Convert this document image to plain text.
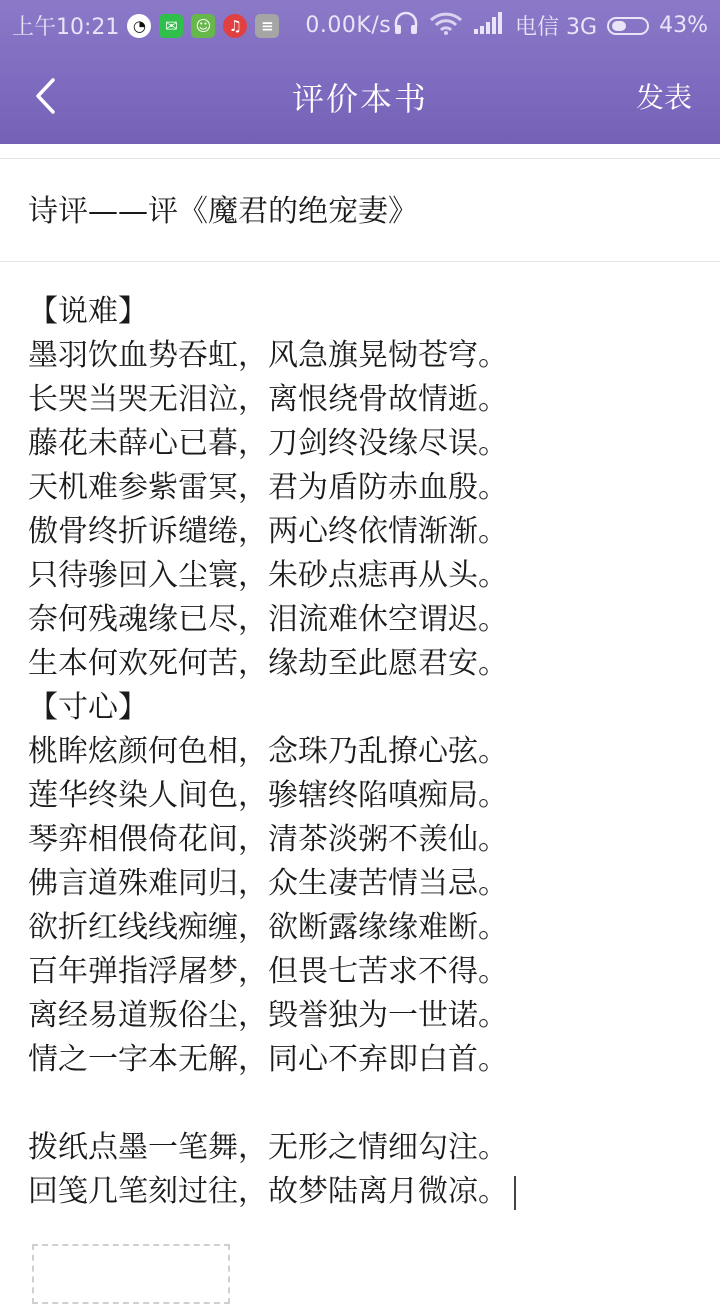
上午10:21 ◔	✉	☺	♫	≡ 0.00K/s	电信 3G	43%
评价本书	发表
诗评——评《魔君的绝宠妻》
【说难】
墨羽饮血势吞虹，风急旗晃恸苍穹。
长哭当哭无泪泣，离恨绕骨故情逝。
藤花未薛心已暮，刀剑终没缘尽误。
天机难参紫雷冥，君为盾防赤血殷。
傲骨终折诉缱绻，两心终依情渐渐。
只待骖回入尘寰，朱砂点痣再从头。
奈何残魂缘已尽，泪流难休空谓迟。
生本何欢死何苦，缘劫至此愿君安。
【寸心】
桃眸炫颜何色相，念珠乃乱撩心弦。
莲华终染人间色，骖辖终陷嗔痴局。
琴弈相偎倚花间，清茶淡粥不羡仙。
佛言道殊难同归，众生凄苦情当忌。
欲折红线线痴缠，欲断露缘缘难断。
百年弹指浮屠梦，但畏七苦求不得。
离经易道叛俗尘，毁誉独为一世诺。
情之一字本无解，同心不弃即白首。
拨纸点墨一笔舞，无形之情细勾注。
回笺几笔刻过往，故梦陆离月微凉。
